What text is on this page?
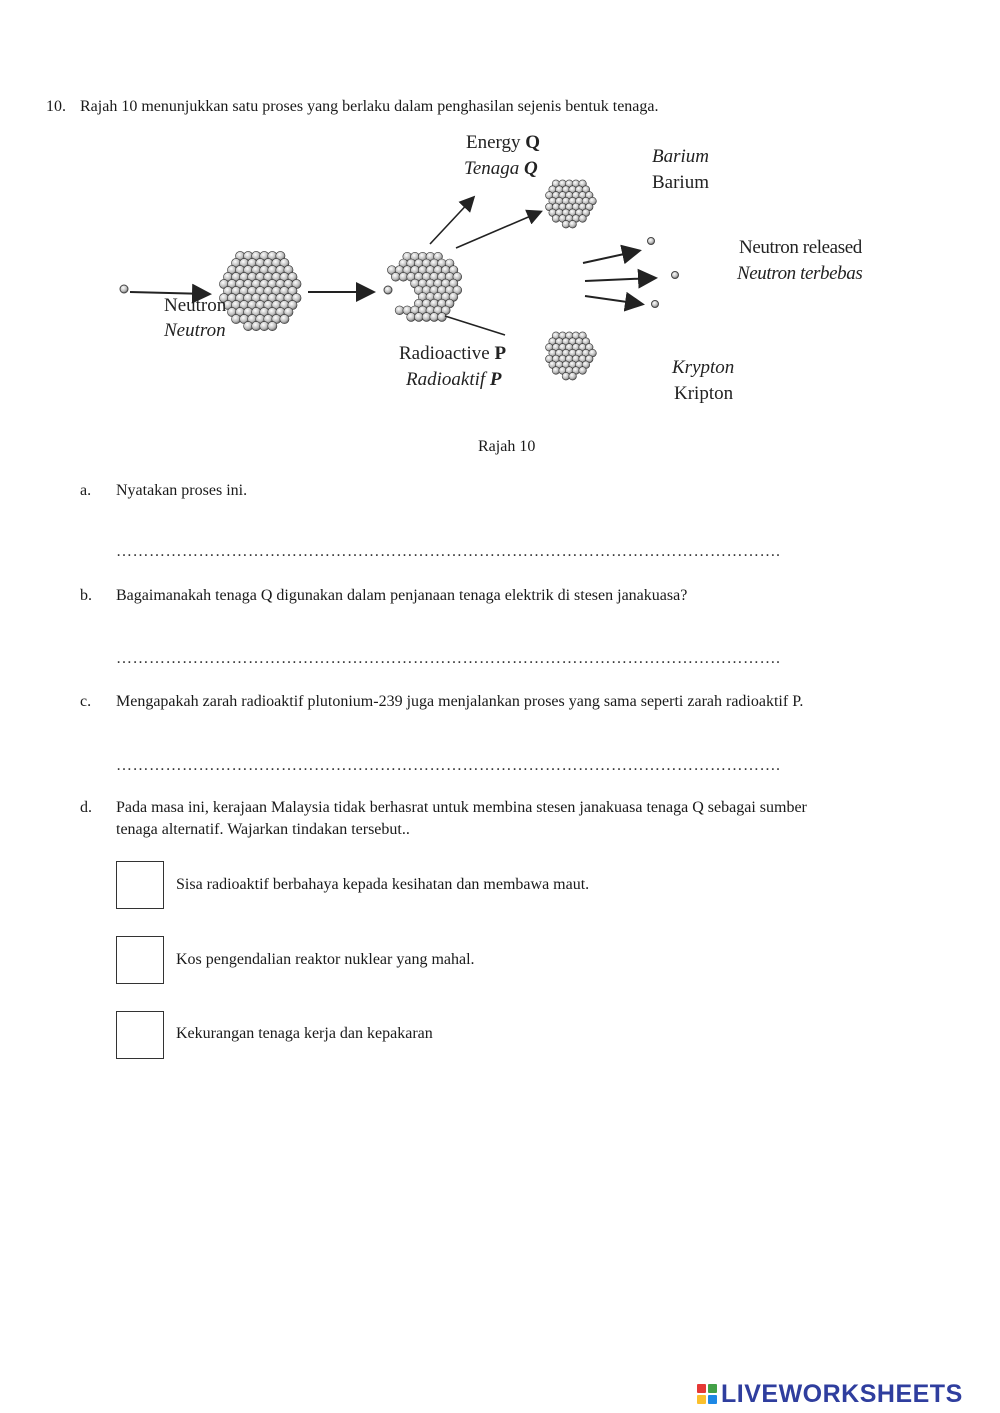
10. Rajah 10 menunjukkan satu proses yang berlaku dalam penghasilan sejenis bentuk tenaga.
Neutron
Neutron
Energy Q
Tenaga Q
Radioactive P
Radioaktif P
Barium
Barium
Neutron released
Neutron terbebas
Krypton
Kripton
Rajah 10
a. Nyatakan proses ini.
………………………………………………………………………………………………………….
b. Bagaimanakah tenaga Q digunakan dalam penjanaan tenaga elektrik di stesen janakuasa?
………………………………………………………………………………………………………….
c. Mengapakah zarah radioaktif plutonium-239 juga menjalankan proses yang sama seperti zarah radioaktif P.
………………………………………………………………………………………………………….
d. Pada masa ini, kerajaan Malaysia tidak berhasrat untuk membina stesen janakuasa tenaga Q sebagai sumber
tenaga alternatif. Wajarkan tindakan tersebut..
Sisa radioaktif berbahaya kepada kesihatan dan membawa maut.
Kos pengendalian reaktor nuklear yang mahal.
Kekurangan tenaga kerja dan kepakaran
LIVEWORKSHEETS
